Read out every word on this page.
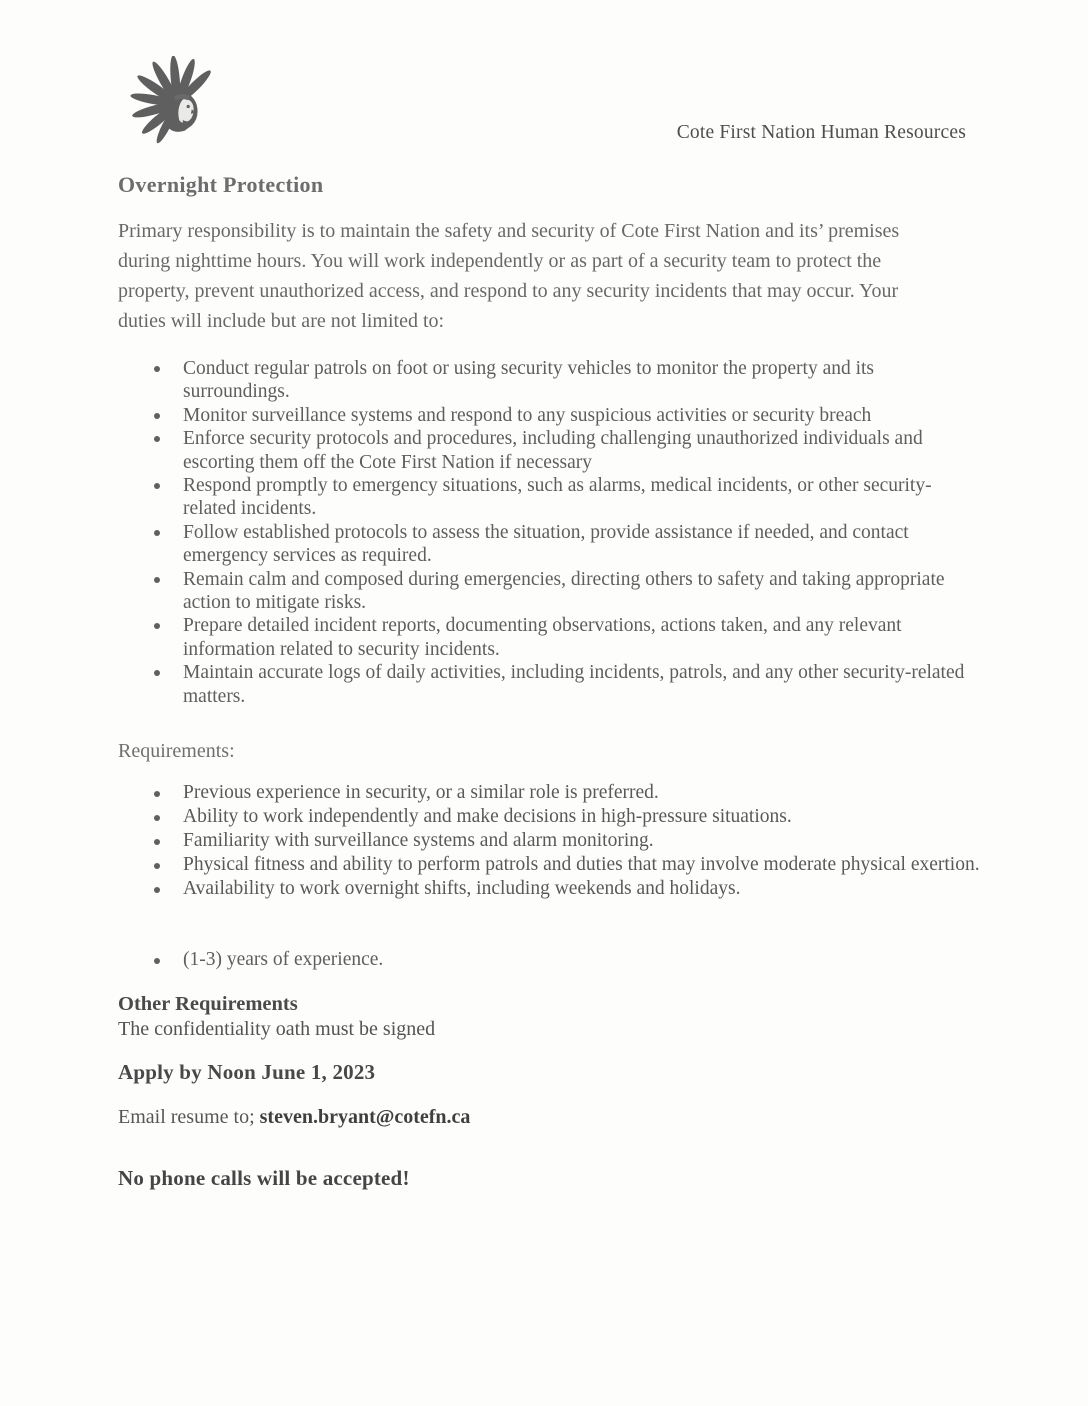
Cote First Nation Human Resources
Overnight Protection

Primary responsibility is to maintain the safety and security of Cote First Nation and its’ premises during nighttime hours. You will work independently or as part of a security team to protect the property, prevent unauthorized access, and respond to any security incidents that may occur. Your duties will include but are not limited to:

Conduct regular patrols on foot or using security vehicles to monitor the property and its surroundings.
Monitor surveillance systems and respond to any suspicious activities or security breach
Enforce security protocols and procedures, including challenging unauthorized individuals and escorting them off the Cote First Nation if necessary
Respond promptly to emergency situations, such as alarms, medical incidents, or other security-related incidents.
Follow established protocols to assess the situation, provide assistance if needed, and contact emergency services as required.
Remain calm and composed during emergencies, directing others to safety and taking appropriate action to mitigate risks.
Prepare detailed incident reports, documenting observations, actions taken, and any relevant information related to security incidents.
Maintain accurate logs of daily activities, including incidents, patrols, and any other security-related matters.
Requirements:
Previous experience in security, or a similar role is preferred.
Ability to work independently and make decisions in high-pressure situations.
Familiarity with surveillance systems and alarm monitoring.
Physical fitness and ability to perform patrols and duties that may involve moderate physical exertion.
Availability to work overnight shifts, including weekends and holidays.
(1-3) years of experience.
Other Requirements
The confidentiality oath must be signed
Apply by Noon June 1, 2023
Email resume to; steven.bryant@cotefn.ca
No phone calls will be accepted!
